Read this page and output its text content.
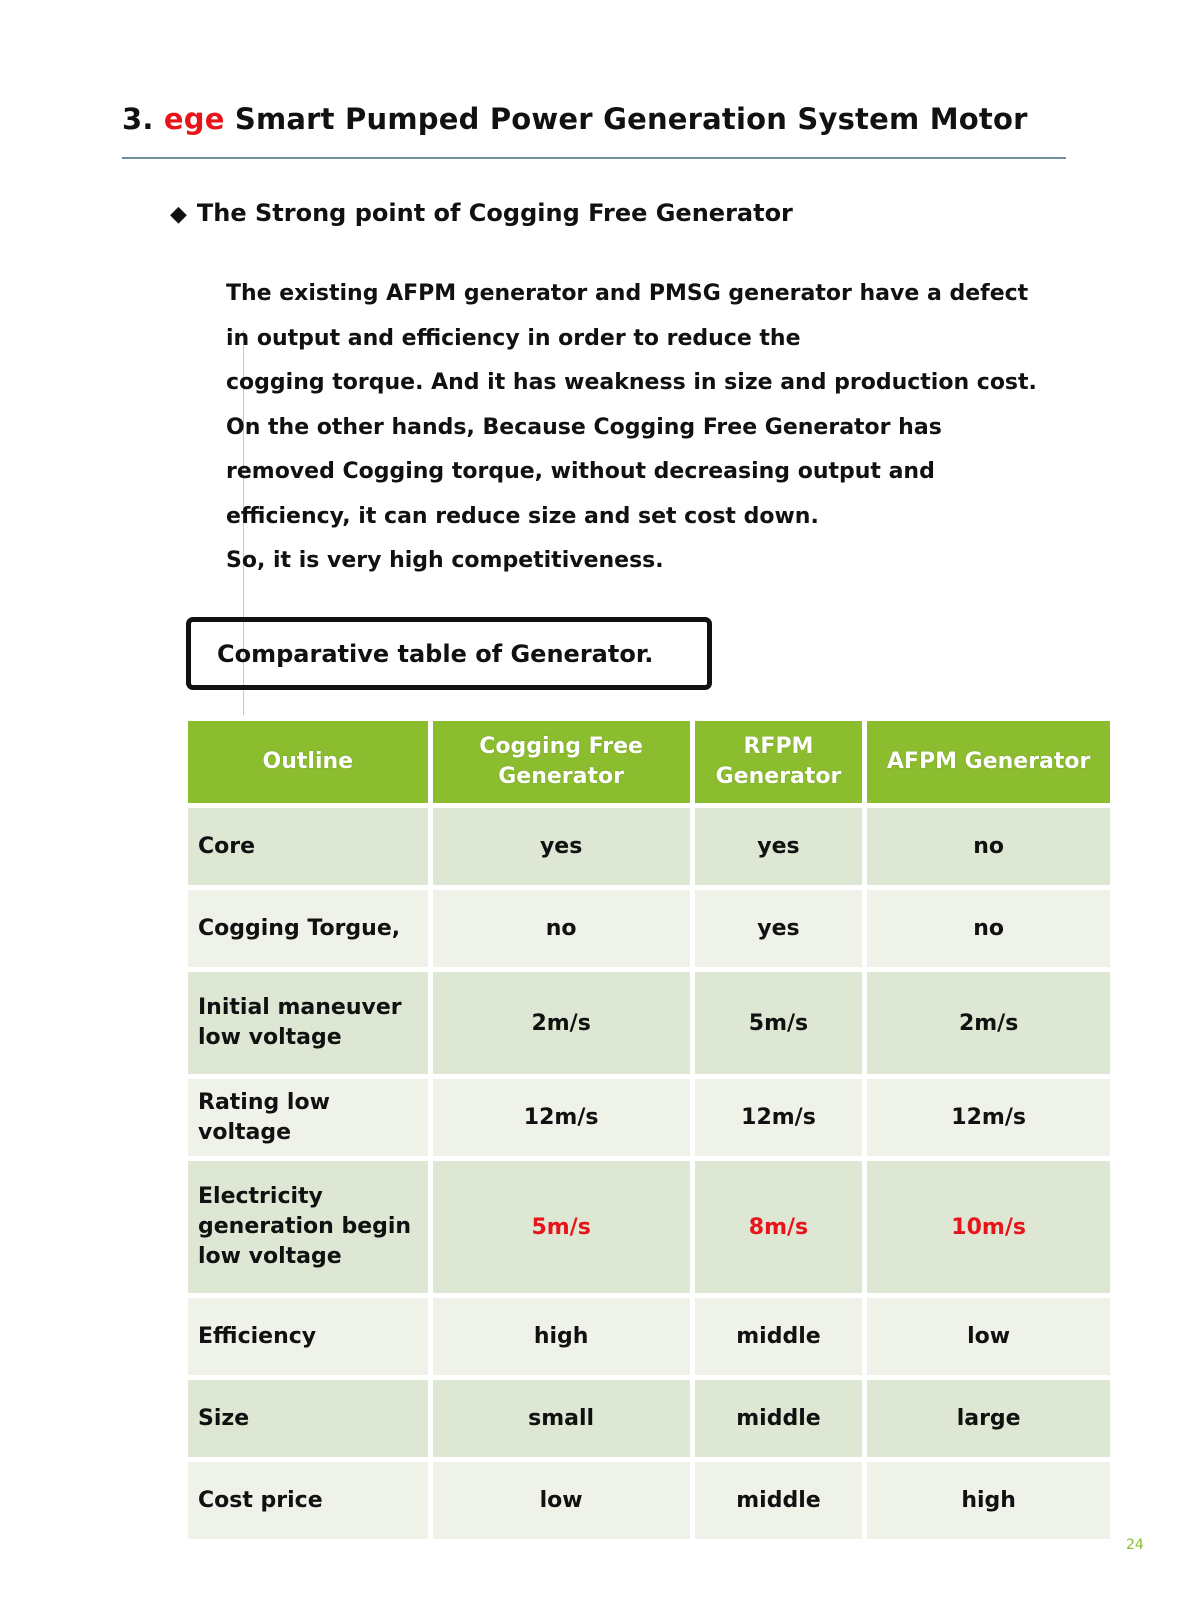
3. ege Smart Pumped Power Generation System Motor
◆ The Strong point of Cogging Free Generator
The existing AFPM generator and PMSG generator have a defect
in output and efficiency in order to reduce the
cogging torque. And it has weakness in size and production cost.
On the other hands, Because Cogging Free Generator has
removed Cogging torque, without decreasing output and
efficiency, it can reduce size and set cost down.
So, it is very high competitiveness.
Comparative table of Generator.
Outline	Cogging Free Generator	RFPM Generator	AFPM Generator
Core	yes	yes	no
Cogging Torgue,	no	yes	no
Initial maneuver low voltage	2m/s	5m/s	2m/s
Rating low voltage	12m/s	12m/s	12m/s
Electricity generation begin low voltage	5m/s	8m/s	10m/s
Efficiency	high	middle	low
Size	small	middle	large
Cost price	low	middle	high
24
